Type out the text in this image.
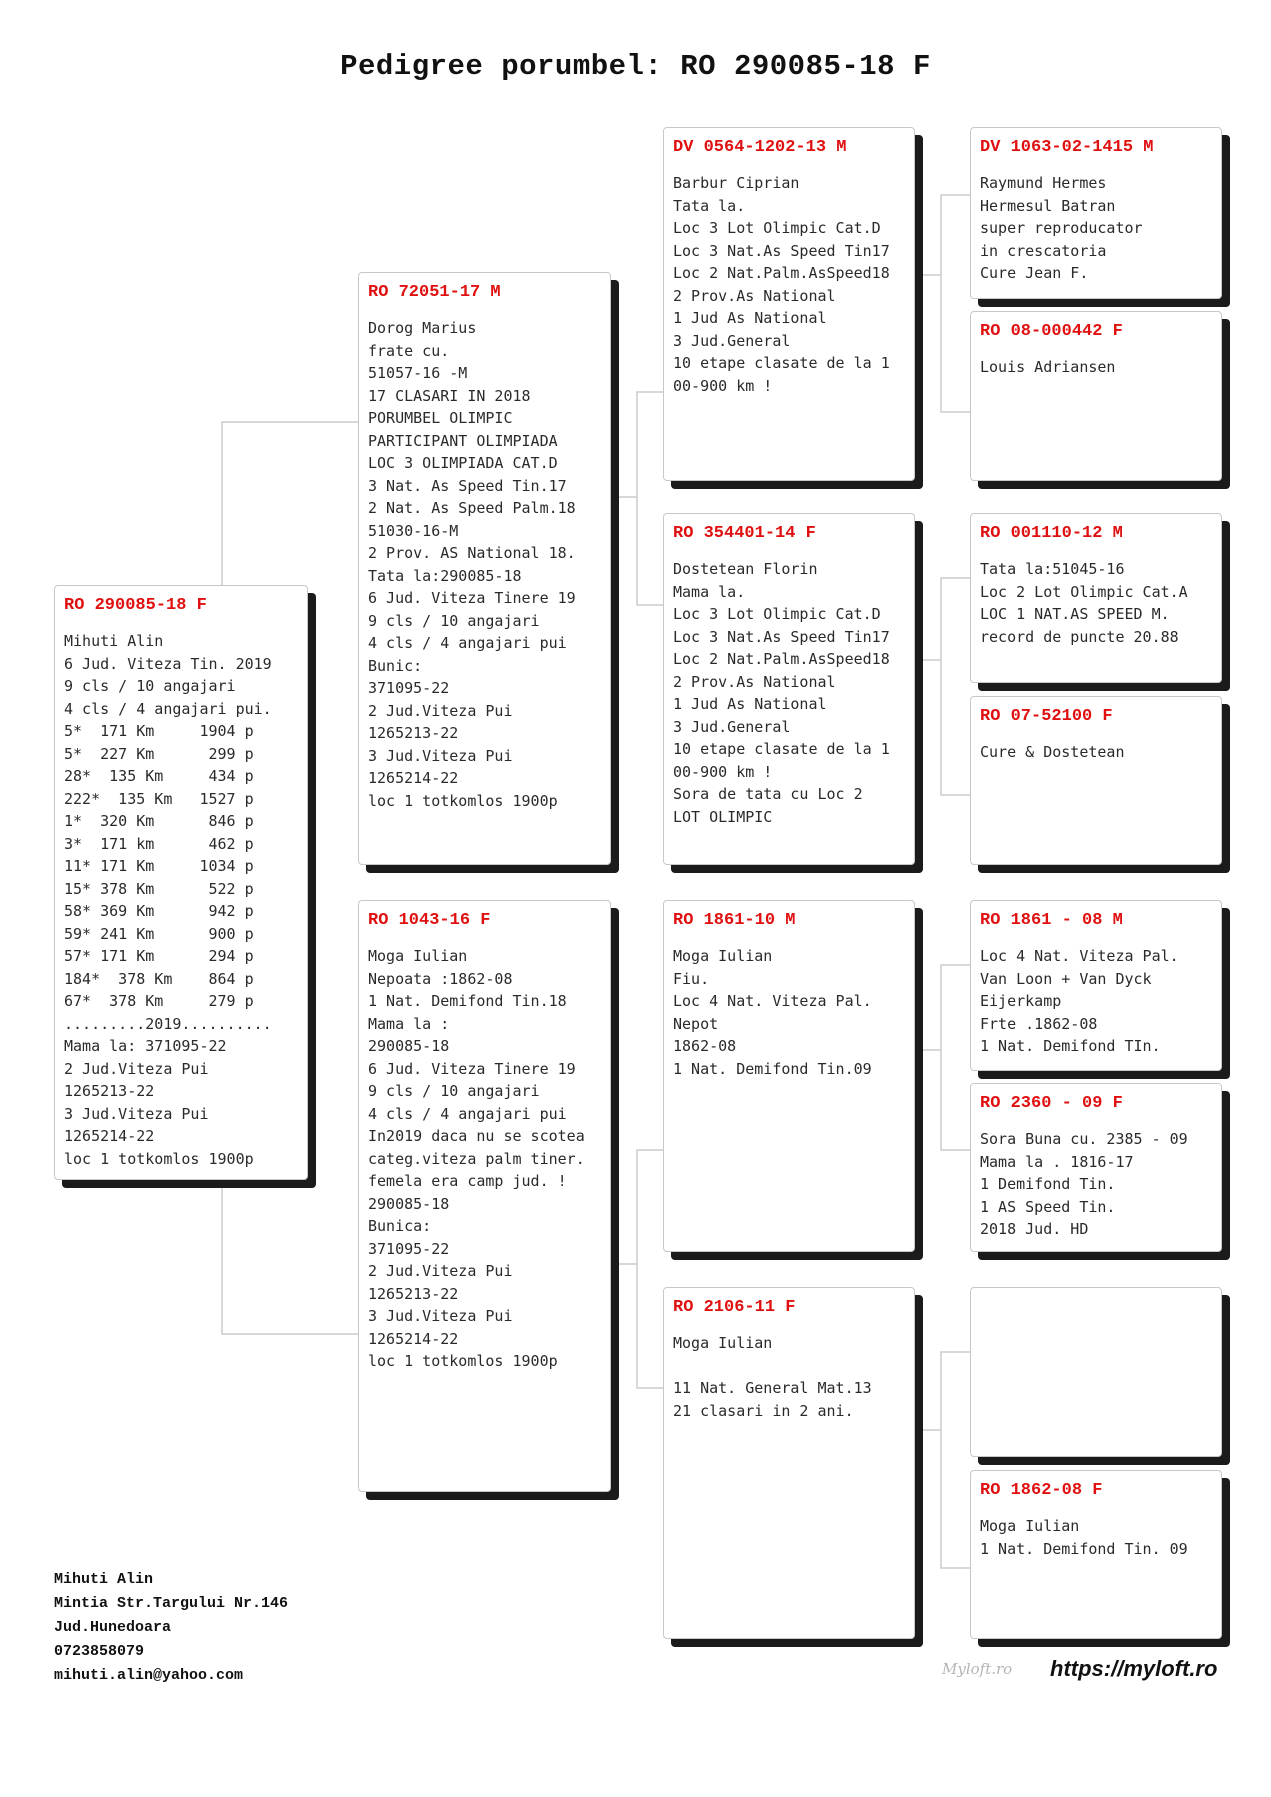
Pedigree porumbel: RO 290085-18 F
RO 290085-18 F
Mihuti Alin
6 Jud. Viteza Tin. 2019
9 cls / 10 angajari
4 cls / 4 angajari pui.
5*  171 Km     1904 p
5*  227 Km      299 p
28*  135 Km     434 p
222*  135 Km   1527 p
1*  320 Km      846 p
3*  171 km      462 p
11* 171 Km     1034 p
15* 378 Km      522 p
58* 369 Km      942 p
59* 241 Km      900 p
57* 171 Km      294 p
184*  378 Km    864 p
67*  378 Km     279 p
.........2019..........
Mama la: 371095-22
2 Jud.Viteza Pui
1265213-22
3 Jud.Viteza Pui
1265214-22
loc 1 totkomlos 1900p
RO 72051-17 M
Dorog Marius
frate cu.
51057-16 -M
17 CLASARI IN 2018
PORUMBEL OLIMPIC
PARTICIPANT OLIMPIADA
LOC 3 OLIMPIADA CAT.D
3 Nat. As Speed Tin.17
2 Nat. As Speed Palm.18
51030-16-M
2 Prov. AS National 18.
Tata la:290085-18
6 Jud. Viteza Tinere 19
9 cls / 10 angajari
4 cls / 4 angajari pui
Bunic:
371095-22
2 Jud.Viteza Pui
1265213-22
3 Jud.Viteza Pui
1265214-22
loc 1 totkomlos 1900p
RO 1043-16 F
Moga Iulian
Nepoata :1862-08
1 Nat. Demifond Tin.18
Mama la :
290085-18
6 Jud. Viteza Tinere 19
9 cls / 10 angajari
4 cls / 4 angajari pui
In2019 daca nu se scotea
categ.viteza palm tiner.
femela era camp jud. !
290085-18
Bunica:
371095-22
2 Jud.Viteza Pui
1265213-22
3 Jud.Viteza Pui
1265214-22
loc 1 totkomlos 1900p
DV 0564-1202-13 M
Barbur Ciprian
Tata la.
Loc 3 Lot Olimpic Cat.D
Loc 3 Nat.As Speed Tin17
Loc 2 Nat.Palm.AsSpeed18
2 Prov.As National
1 Jud As National
3 Jud.General
10 etape clasate de la 1
00-900 km !
RO 354401-14 F
Dostetean Florin
Mama la.
Loc 3 Lot Olimpic Cat.D
Loc 3 Nat.As Speed Tin17
Loc 2 Nat.Palm.AsSpeed18
2 Prov.As National
1 Jud As National
3 Jud.General
10 etape clasate de la 1
00-900 km !
Sora de tata cu Loc 2
LOT OLIMPIC
RO 1861-10 M
Moga Iulian
Fiu.
Loc 4 Nat. Viteza Pal.
Nepot
1862-08
1 Nat. Demifond Tin.09
RO 2106-11 F
Moga Iulian

11 Nat. General Mat.13
21 clasari in 2 ani.
DV 1063-02-1415 M
Raymund Hermes
Hermesul Batran
super reproducator
in crescatoria
Cure Jean F.
RO 08-000442 F
Louis Adriansen
RO 001110-12 M
Tata la:51045-16
Loc 2 Lot Olimpic Cat.A
LOC 1 NAT.AS SPEED M.
record de puncte 20.88
RO 07-52100 F
Cure & Dostetean
RO 1861 - 08 M
Loc 4 Nat. Viteza Pal.
Van Loon + Van Dyck
Eijerkamp
Frte .1862-08
1 Nat. Demifond TIn.
RO 2360 - 09 F
Sora Buna cu. 2385 - 09
Mama la . 1816-17
1 Demifond Tin.
1 AS Speed Tin.
2018 Jud. HD
RO 1862-08 F
Moga Iulian
1 Nat. Demifond Tin. 09
Mihuti Alin
Mintia Str.Targului Nr.146
Jud.Hunedoara
0723858079
mihuti.alin@yahoo.com	Myloft.ro https://myloft.ro
